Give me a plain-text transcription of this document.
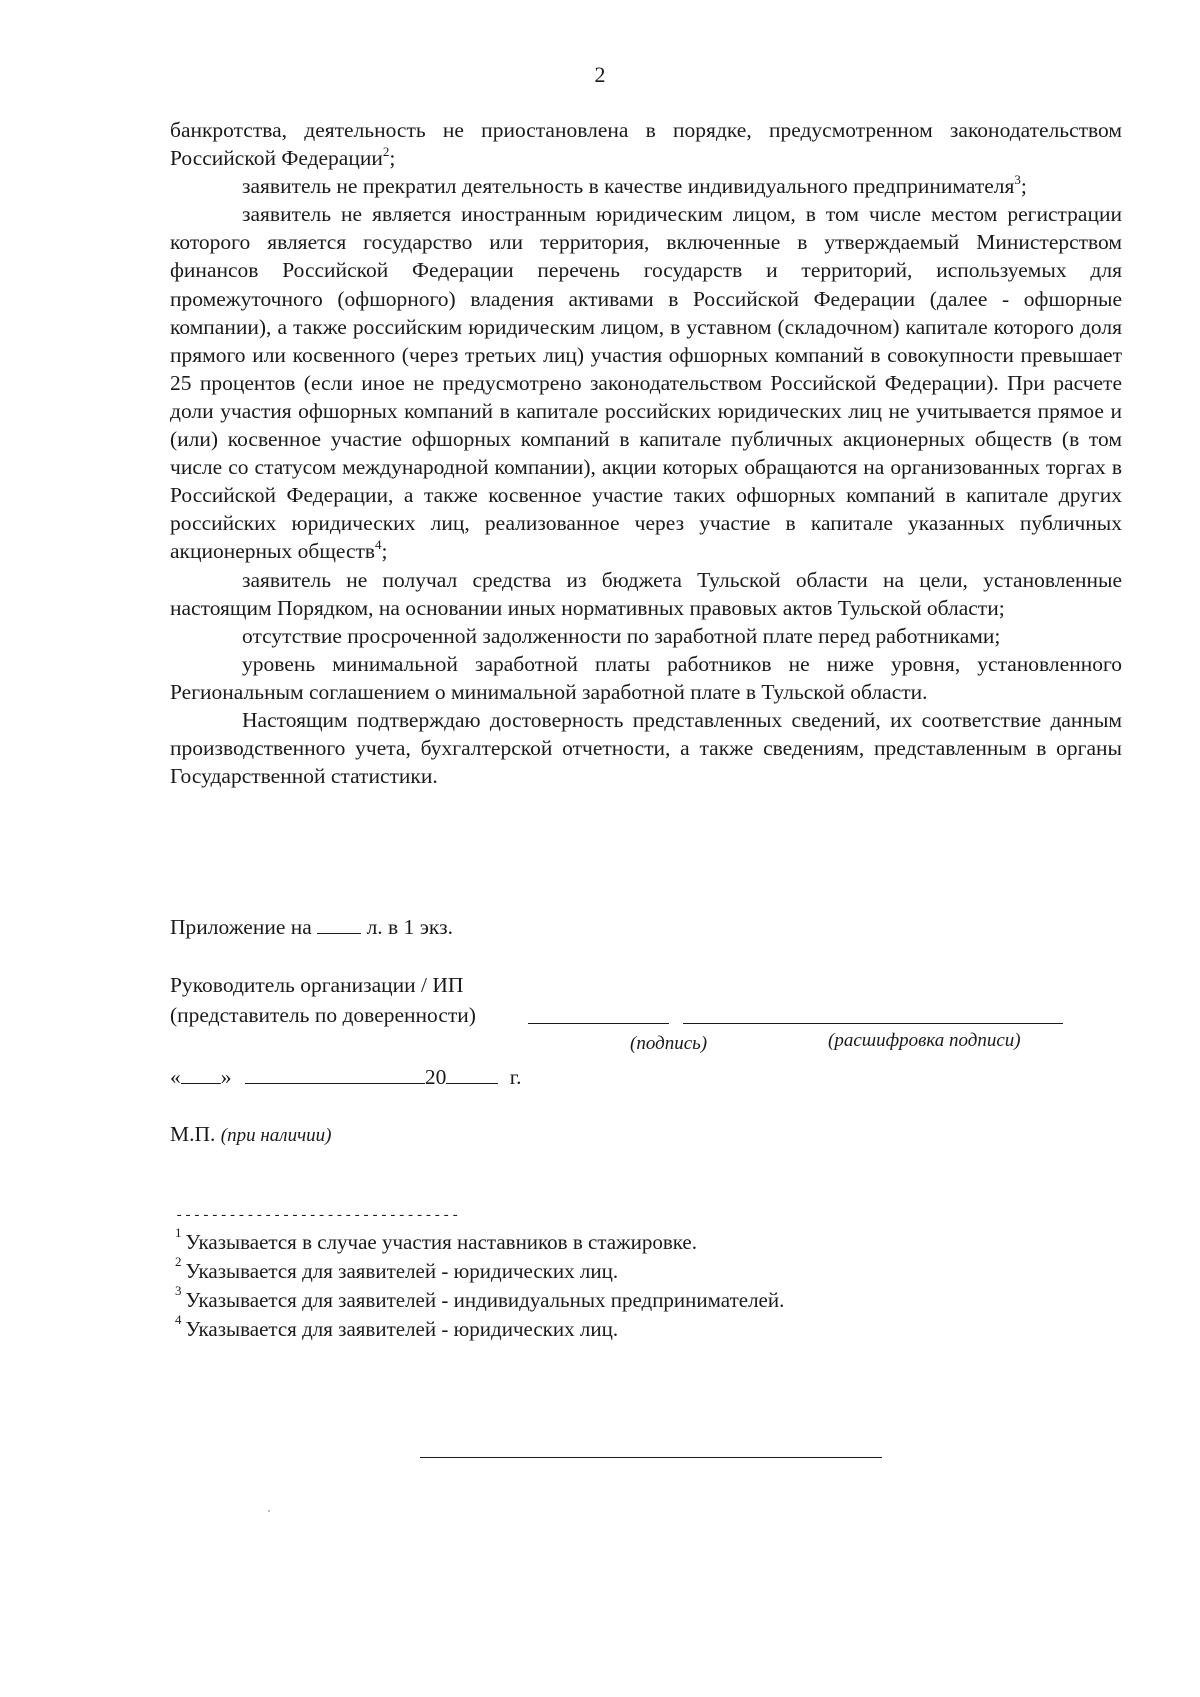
2

банкротства, деятельность не приостановлена в порядке, предусмотренном законодательством Российской Федерации$^2$;

заявитель не прекратил деятельность в качестве индивидуального предпринимателя$^3$;

заявитель не является иностранным юридическим лицом, в том числе местом регистрации которого является государство или территория, включенные в утверждаемый Министерством финансов Российской Федерации перечень государств и территорий, используемых для промежуточного (офшорного) владения активами в Российской Федерации (далее - офшорные компании), а также российским юридическим лицом, в уставном (складочном) капитале которого доля прямого или косвенного (через третьих лиц) участия офшорных компаний в совокупности превышает 25 процентов (если иное не предусмотрено законодательством Российской Федерации). При расчете доли участия офшорных компаний в капитале российских юридических лиц не учитывается прямое и (или) косвенное участие офшорных компаний в капитале публичных акционерных обществ (в том числе со статусом международной компании), акции которых обращаются на организованных торгах в Российской Федерации, а также косвенное участие таких офшорных компаний в капитале других российских юридических лиц, реализованное через участие в капитале указанных публичных акционерных обществ$^4$;

заявитель не получал средства из бюджета Тульской области на цели, установленные настоящим Порядком, на основании иных нормативных правовых актов Тульской области;

отсутствие просроченной задолженности по заработной плате перед работниками;

уровень минимальной заработной платы работников не ниже уровня, установленного Региональным соглашением о минимальной заработной плате в Тульской области.

Настоящим подтверждаю достоверность представленных сведений, их соответствие данным производственного учета, бухгалтерской отчетности, а также сведениям, представленным в органы Государственной статистики.

Приложение на	л. в 1 экз.
Руководитель организации / ИП
(представитель по доверенности)
(подпись)	(расшифровка подписи)
« »	20	г.
М.П. (при наличии)
--------------------------------
$^1$ Указывается в случае участия наставников в стажировке.
$^2$ Указывается для заявителей - юридических лиц.
$^3$ Указывается для заявителей - индивидуальных предпринимателей.
$^4$ Указывается для заявителей - юридических лиц.
